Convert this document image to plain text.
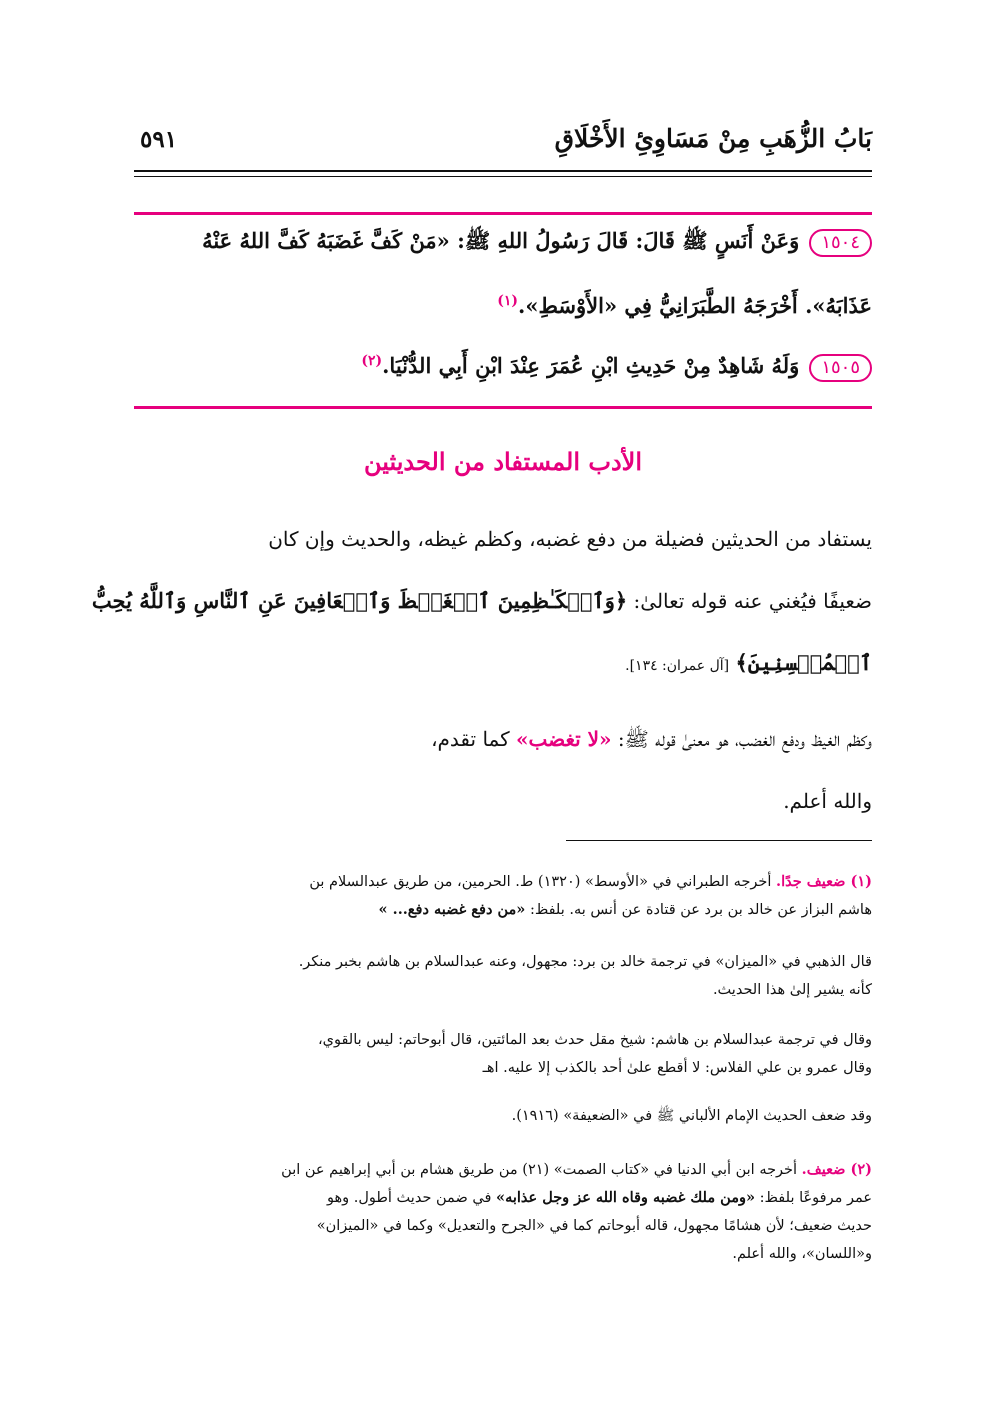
بَابُ الزُّهَبِ مِنْ مَسَاوِئِ الأَخْلَاقِ
٥٩١
١٥٠٤وَعَنْ أَنَسٍ ﷺ قَالَ: قَالَ رَسُولُ اللهِ ﷺ: «مَنْ كَفَّ غَضَبَهُ كَفَّ اللهُ عَنْهُ
عَذَابَهُ». أَخْرَجَهُ الطَّبَرَانِيُّ فِي «الأَوْسَطِ».$^{(١)}$
١٥٠٥وَلَهُ شَاهِدٌ مِنْ حَدِيثِ ابْنِ عُمَرَ عِنْدَ ابْنِ أَبِي الدُّنْيَا.$^{(٢)}$
الأدب المستفاد من الحديثين
يستفاد من الحديثين فضيلة من دفع غضبه، وكظم غيظه، والحديث وإن كان
ضعيفًا فيُغني عنه قوله تعالىٰ: ﴿وَٱلۡكَـٰظِمِينَ ٱلۡغَيۡظَ وَٱلۡعَافِينَ عَنِ ٱلنَّاسِ وَٱللَّهُ يُحِبُّ
ٱلۡمُحۡسِنِينَ﴾ [آل عمران: ١٣٤].
وكظم الغيظ ودفع الغضب، هو معنىٰ قوله ﷺ: «لا تغضب» كما تقدم،
والله أعلم.
(١) ضعيف جدًا. أخرجه الطبراني في «الأوسط» (١٣٢٠) ط. الحرمين، من طريق عبدالسلام بن
هاشم البزاز عن خالد بن برد عن قتادة عن أنس به. بلفظ: «من دفع غضبه دفع... »
قال الذهبي في «الميزان» في ترجمة خالد بن برد: مجهول، وعنه عبدالسلام بن هاشم بخبر منكر.
كأنه يشير إلىٰ هذا الحديث.
وقال في ترجمة عبدالسلام بن هاشم: شيخ مقل حدث بعد المائتين، قال أبوحاتم: ليس بالقوي،
وقال عمرو بن علي الفلاس: لا أقطع علىٰ أحد بالكذب إلا عليه. اهـ
وقد ضعف الحديث الإمام الألباني ﷺ في «الضعيفة» (١٩١٦).
(٢) ضعيف. أخرجه ابن أبي الدنيا في «كتاب الصمت» (٢١) من طريق هشام بن أبي إبراهيم عن ابن
عمر مرفوعًا بلفظ: «ومن ملك غضبه وقاه الله عز وجل عذابه» في ضمن حديث أطول. وهو
حديث ضعيف؛ لأن هشامًا مجهول، قاله أبوحاتم كما في «الجرح والتعديل» وكما في «الميزان»
و«اللسان»، والله أعلم.
